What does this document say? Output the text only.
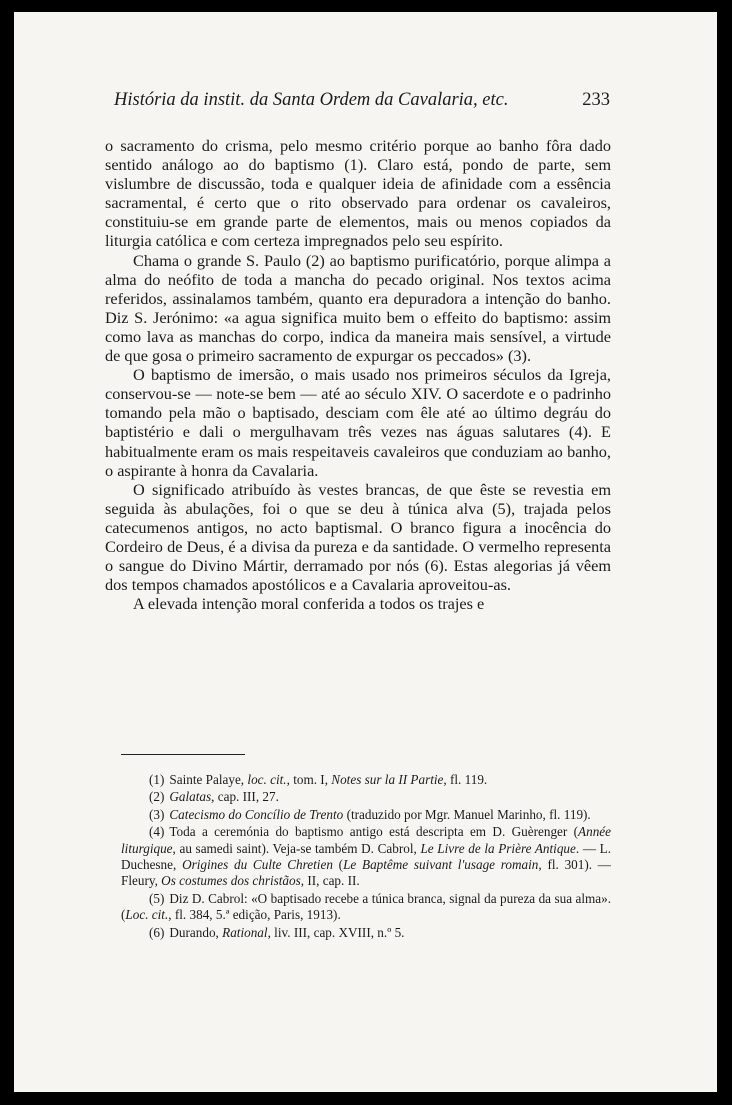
História da instit. da Santa Ordem da Cavalaria, etc.	233

o sacramento do crisma, pelo mesmo critério porque ao banho fôra dado sentido análogo ao do baptismo (1). Claro está, pondo de parte, sem vislumbre de discussão, toda e qualquer ideia de afinidade com a essência sacramental, é certo que o rito observado para ordenar os cavaleiros, constituiu-se em grande parte de elementos, mais ou menos copiados da liturgia católica e com certeza impregnados pelo seu espírito.

Chama o grande S. Paulo (2) ao baptismo purificatório, porque alimpa a alma do neófito de toda a mancha do pecado original. Nos textos acima referidos, assinalamos também, quanto era depuradora a intenção do banho. Diz S. Jerónimo: «a agua significa muito bem o effeito do baptismo: assim como lava as manchas do corpo, indica da maneira mais sensível, a virtude de que gosa o primeiro sacramento de expurgar os peccados» (3).

O baptismo de imersão, o mais usado nos primeiros séculos da Igreja, conservou-se — note-se bem — até ao século XIV. O sacerdote e o padrinho tomando pela mão o baptisado, desciam com êle até ao último degráu do baptistério e dali o mergulhavam três vezes nas águas salutares (4). E habitualmente eram os mais respeitaveis cavaleiros que conduziam ao banho, o aspirante à honra da Cavalaria.

O significado atribuído às vestes brancas, de que êste se revestia em seguida às abulações, foi o que se deu à túnica alva (5), trajada pelos catecumenos antigos, no acto baptismal. O branco figura a inocência do Cordeiro de Deus, é a divisa da pureza e da santidade. O vermelho representa o sangue do Divino Mártir, derramado por nós (6). Estas alegorias já vêem dos tempos chamados apostólicos e a Cavalaria aproveitou-as.

A elevada intenção moral conferida a todos os trajes e

(1) Sainte Palaye, loc. cit., tom. I, Notes sur la II Partie, fl. 119.

(2) Galatas, cap. III, 27.

(3) Catecismo do Concílio de Trento (traduzido por Mgr. Manuel Marinho, fl. 119).

(4) Toda a ceremónia do baptismo antigo está descripta em D. Guèrenger (Année liturgique, au samedi saint). Veja-se também D. Cabrol, Le Livre de la Prière Antique. — L. Duchesne, Origines du Culte Chretien (Le Baptême suivant l'usage romain, fl. 301). — Fleury, Os costumes dos christãos, II, cap. II.

(5) Diz D. Cabrol: «O baptisado recebe a túnica branca, signal da pureza da sua alma». (Loc. cit., fl. 384, 5.ª edição, Paris, 1913).

(6) Durando, Rational, liv. III, cap. XVIII, n.º 5.
